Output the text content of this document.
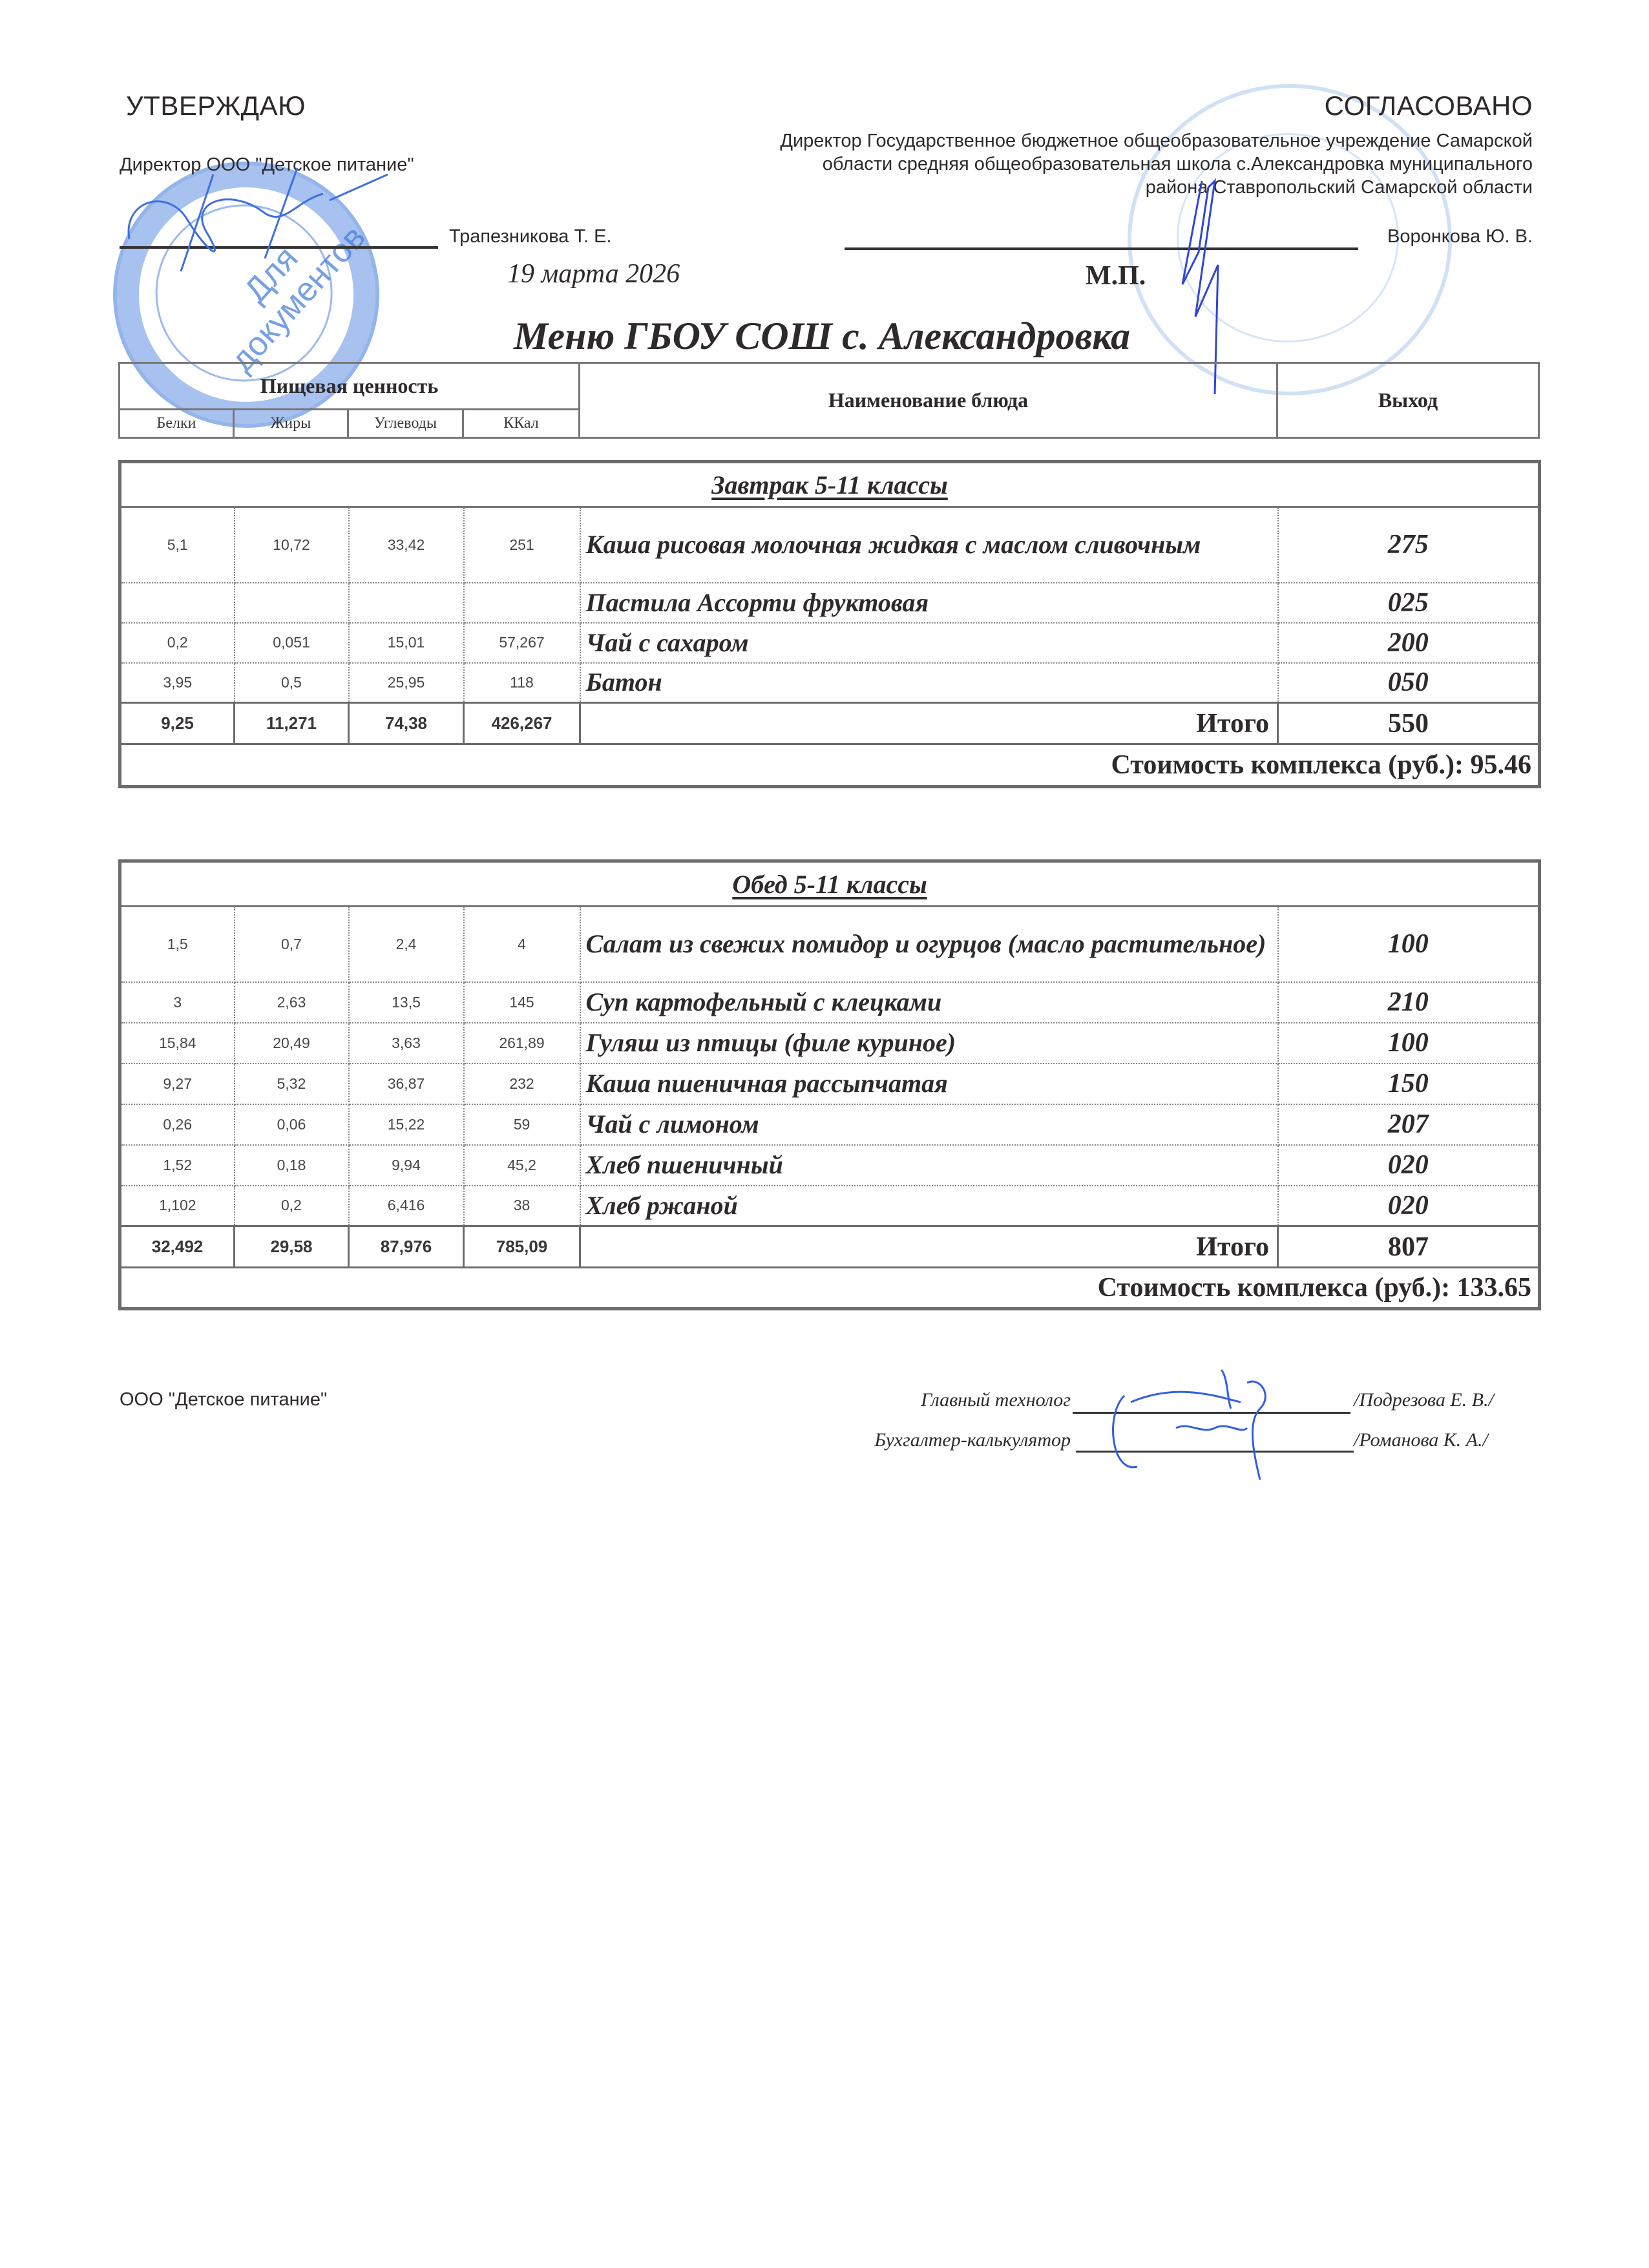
Для документов
УТВЕРЖДАЮ
Директор ООО "Детское питание"
Трапезникова Т. Е.
19 марта 2026
СОГЛАСОВАНО
Директор Государственное бюджетное общеобразовательное учреждение Самарской
области средняя общеобразовательная школа с.Александровка муниципального
района Ставропольский Самарской области
Воронкова Ю. В.
М.П.
Меню ГБОУ СОШ с. Александровка
Пищевая ценность				Наименование блюда	Выход
Белки	Жиры	Углеводы	ККал		
Завтрак 5-11 классы					
5,1	10,72	33,42	251	Каша рисовая молочная жидкая с маслом сливочным	275
				Пастила Ассорти фруктовая	025
0,2	0,051	15,01	57,267	Чай с сахаром	200
3,95	0,5	25,95	118	Батон	050
9,25	11,271	74,38	426,267	Итого	550
Стоимость комплекса (руб.): 95.46					
Обед 5-11 классы					
1,5	0,7	2,4	4	Салат из свежих помидор и огурцов (масло растительное)	100
3	2,63	13,5	145	Суп картофельный с клецками	210
15,84	20,49	3,63	261,89	Гуляш из птицы (филе куриное)	100
9,27	5,32	36,87	232	Каша пшеничная рассыпчатая	150
0,26	0,06	15,22	59	Чай с лимоном	207
1,52	0,18	9,94	45,2	Хлеб пшеничный	020
1,102	0,2	6,416	38	Хлеб ржаной	020
32,492	29,58	87,976	785,09	Итого	807
Стоимость комплекса (руб.): 133.65					
ООО "Детское питание"	Главный технолог	/Подрезова Е. В./
Бухгалтер-калькулятор	/Романова К. А./
